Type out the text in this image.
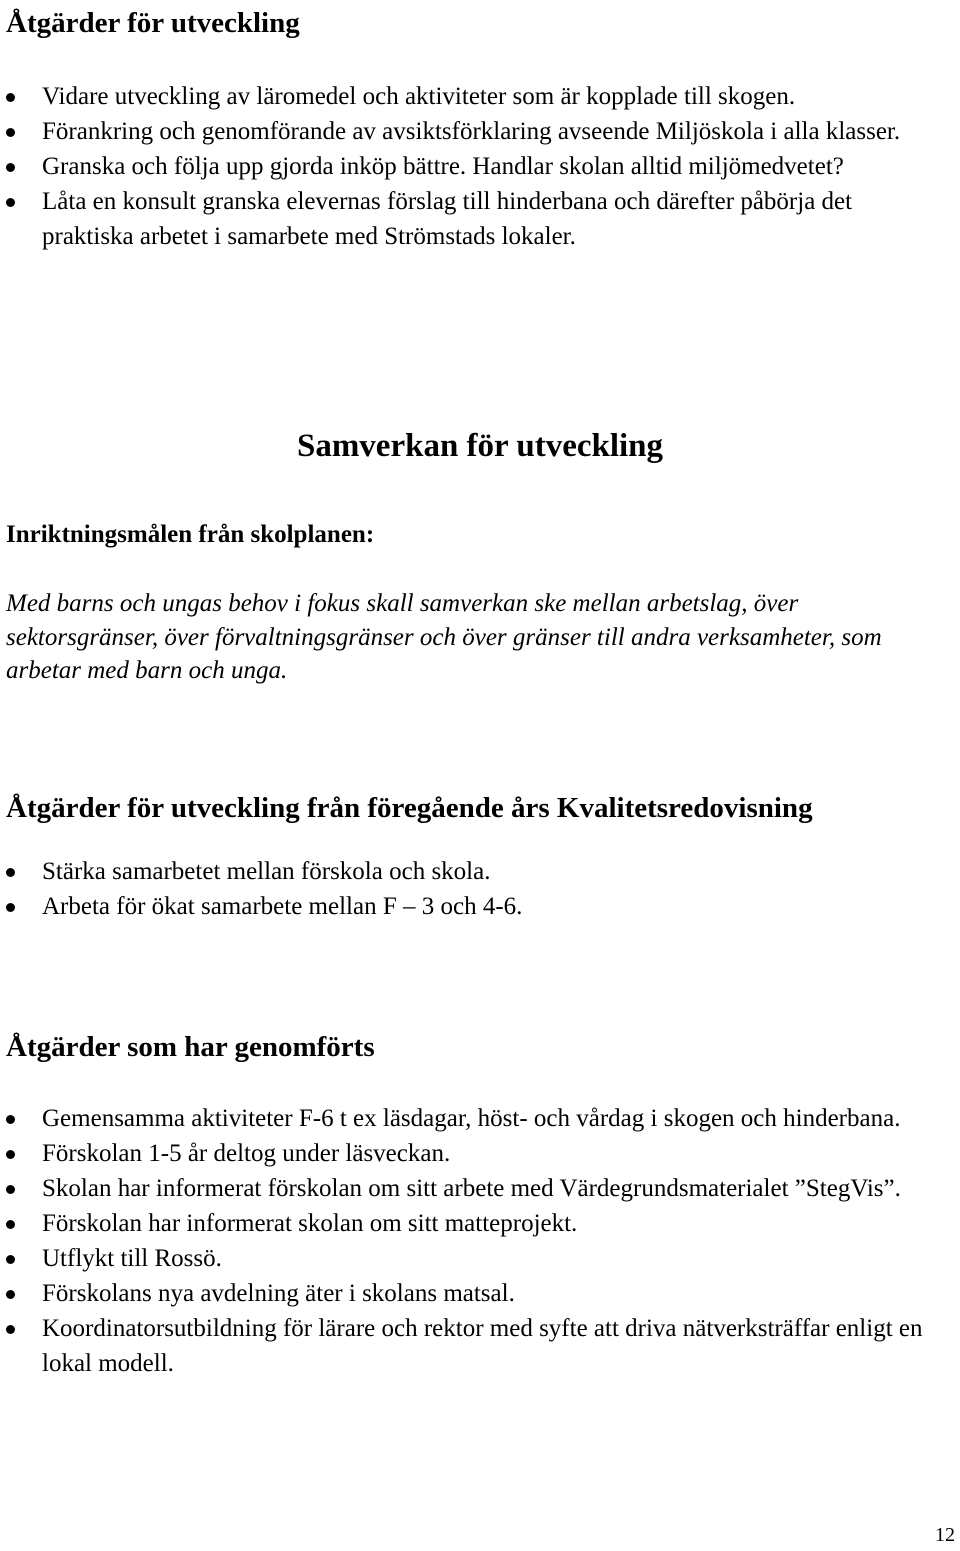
Åtgärder för utveckling
Vidare utveckling av läromedel och aktiviteter som är kopplade till skogen.
Förankring och genomförande av avsiktsförklaring avseende Miljöskola i alla klasser.
Granska och följa upp gjorda inköp bättre. Handlar skolan alltid miljömedvetet?
Låta en konsult granska elevernas förslag till hinderbana och därefter påbörja det praktiska arbetet i samarbete med Strömstads lokaler.
Samverkan för utveckling
Inriktningsmålen från skolplanen:

Med barns och ungas behov i fokus skall samverkan ske mellan arbetslag, över sektorsgränser, över förvaltningsgränser och över gränser till andra verksamheter, som arbetar med barn och unga.

Åtgärder för utveckling från föregående års Kvalitetsredovisning
Stärka samarbetet mellan förskola och skola.
Arbeta för ökat samarbete mellan F – 3 och 4-6.
Åtgärder som har genomförts
Gemensamma aktiviteter F-6 t ex läsdagar, höst- och vårdag i skogen och hinderbana.
Förskolan 1-5 år deltog under läsveckan.
Skolan har informerat förskolan om sitt arbete med Värdegrundsmaterialet ”StegVis”.
Förskolan har informerat skolan om sitt matteprojekt.
Utflykt till Rossö.
Förskolans nya avdelning äter i skolans matsal.
Koordinatorsutbildning för lärare och rektor med syfte att driva nätverksträffar enligt en lokal modell.

12
